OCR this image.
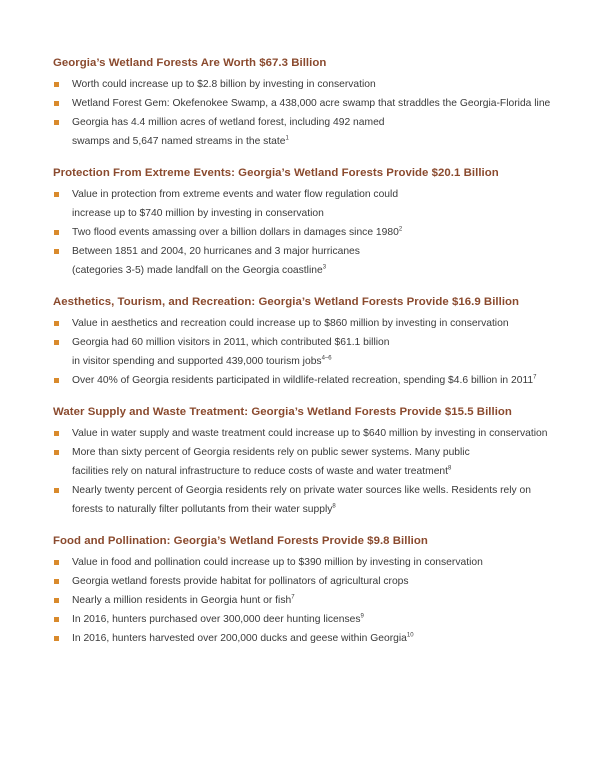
Georgia’s Wetland Forests Are Worth $67.3 Billion
Worth could increase up to $2.8 billion by investing in conservation
Wetland Forest Gem: Okefenokee Swamp, a 438,000 acre swamp that straddles the Georgia-Florida line
Georgia has 4.4 million acres of wetland forest, including 492 named
swamps and 5,647 named streams in the state$^1$
Protection From Extreme Events: Georgia’s Wetland Forests Provide $20.1 Billion
Value in protection from extreme events and water flow regulation could
increase up to $740 million by investing in conservation
Two flood events amassing over a billion dollars in damages since 1980$^2$
Between 1851 and 2004, 20 hurricanes and 3 major hurricanes
(categories 3-5) made landfall on the Georgia coastline$^3$
Aesthetics, Tourism, and Recreation: Georgia’s Wetland Forests Provide $16.9 Billion
Value in aesthetics and recreation could increase up to $860 million by investing in conservation
Georgia had 60 million visitors in 2011, which contributed $61.1 billion
in visitor spending and supported 439,000 tourism jobs$^{4-6}$
Over 40% of Georgia residents participated in wildlife-related recreation, spending $4.6 billion in 2011$^7$
Water Supply and Waste Treatment: Georgia’s Wetland Forests Provide $15.5 Billion
Value in water supply and waste treatment could increase up to $640 million by investing in conservation
More than sixty percent of Georgia residents rely on public sewer systems. Many public
facilities rely on natural infrastructure to reduce costs of waste and water treatment$^8$
Nearly twenty percent of Georgia residents rely on private water sources like wells. Residents rely on
forests to naturally filter pollutants from their water supply$^8$
Food and Pollination: Georgia’s Wetland Forests Provide $9.8 Billion
Value in food and pollination could increase up to $390 million by investing in conservation
Georgia wetland forests provide habitat for pollinators of agricultural crops
Nearly a million residents in Georgia hunt or fish$^7$
In 2016, hunters purchased over 300,000 deer hunting licenses$^9$
In 2016, hunters harvested over 200,000 ducks and geese within Georgia$^{10}$
